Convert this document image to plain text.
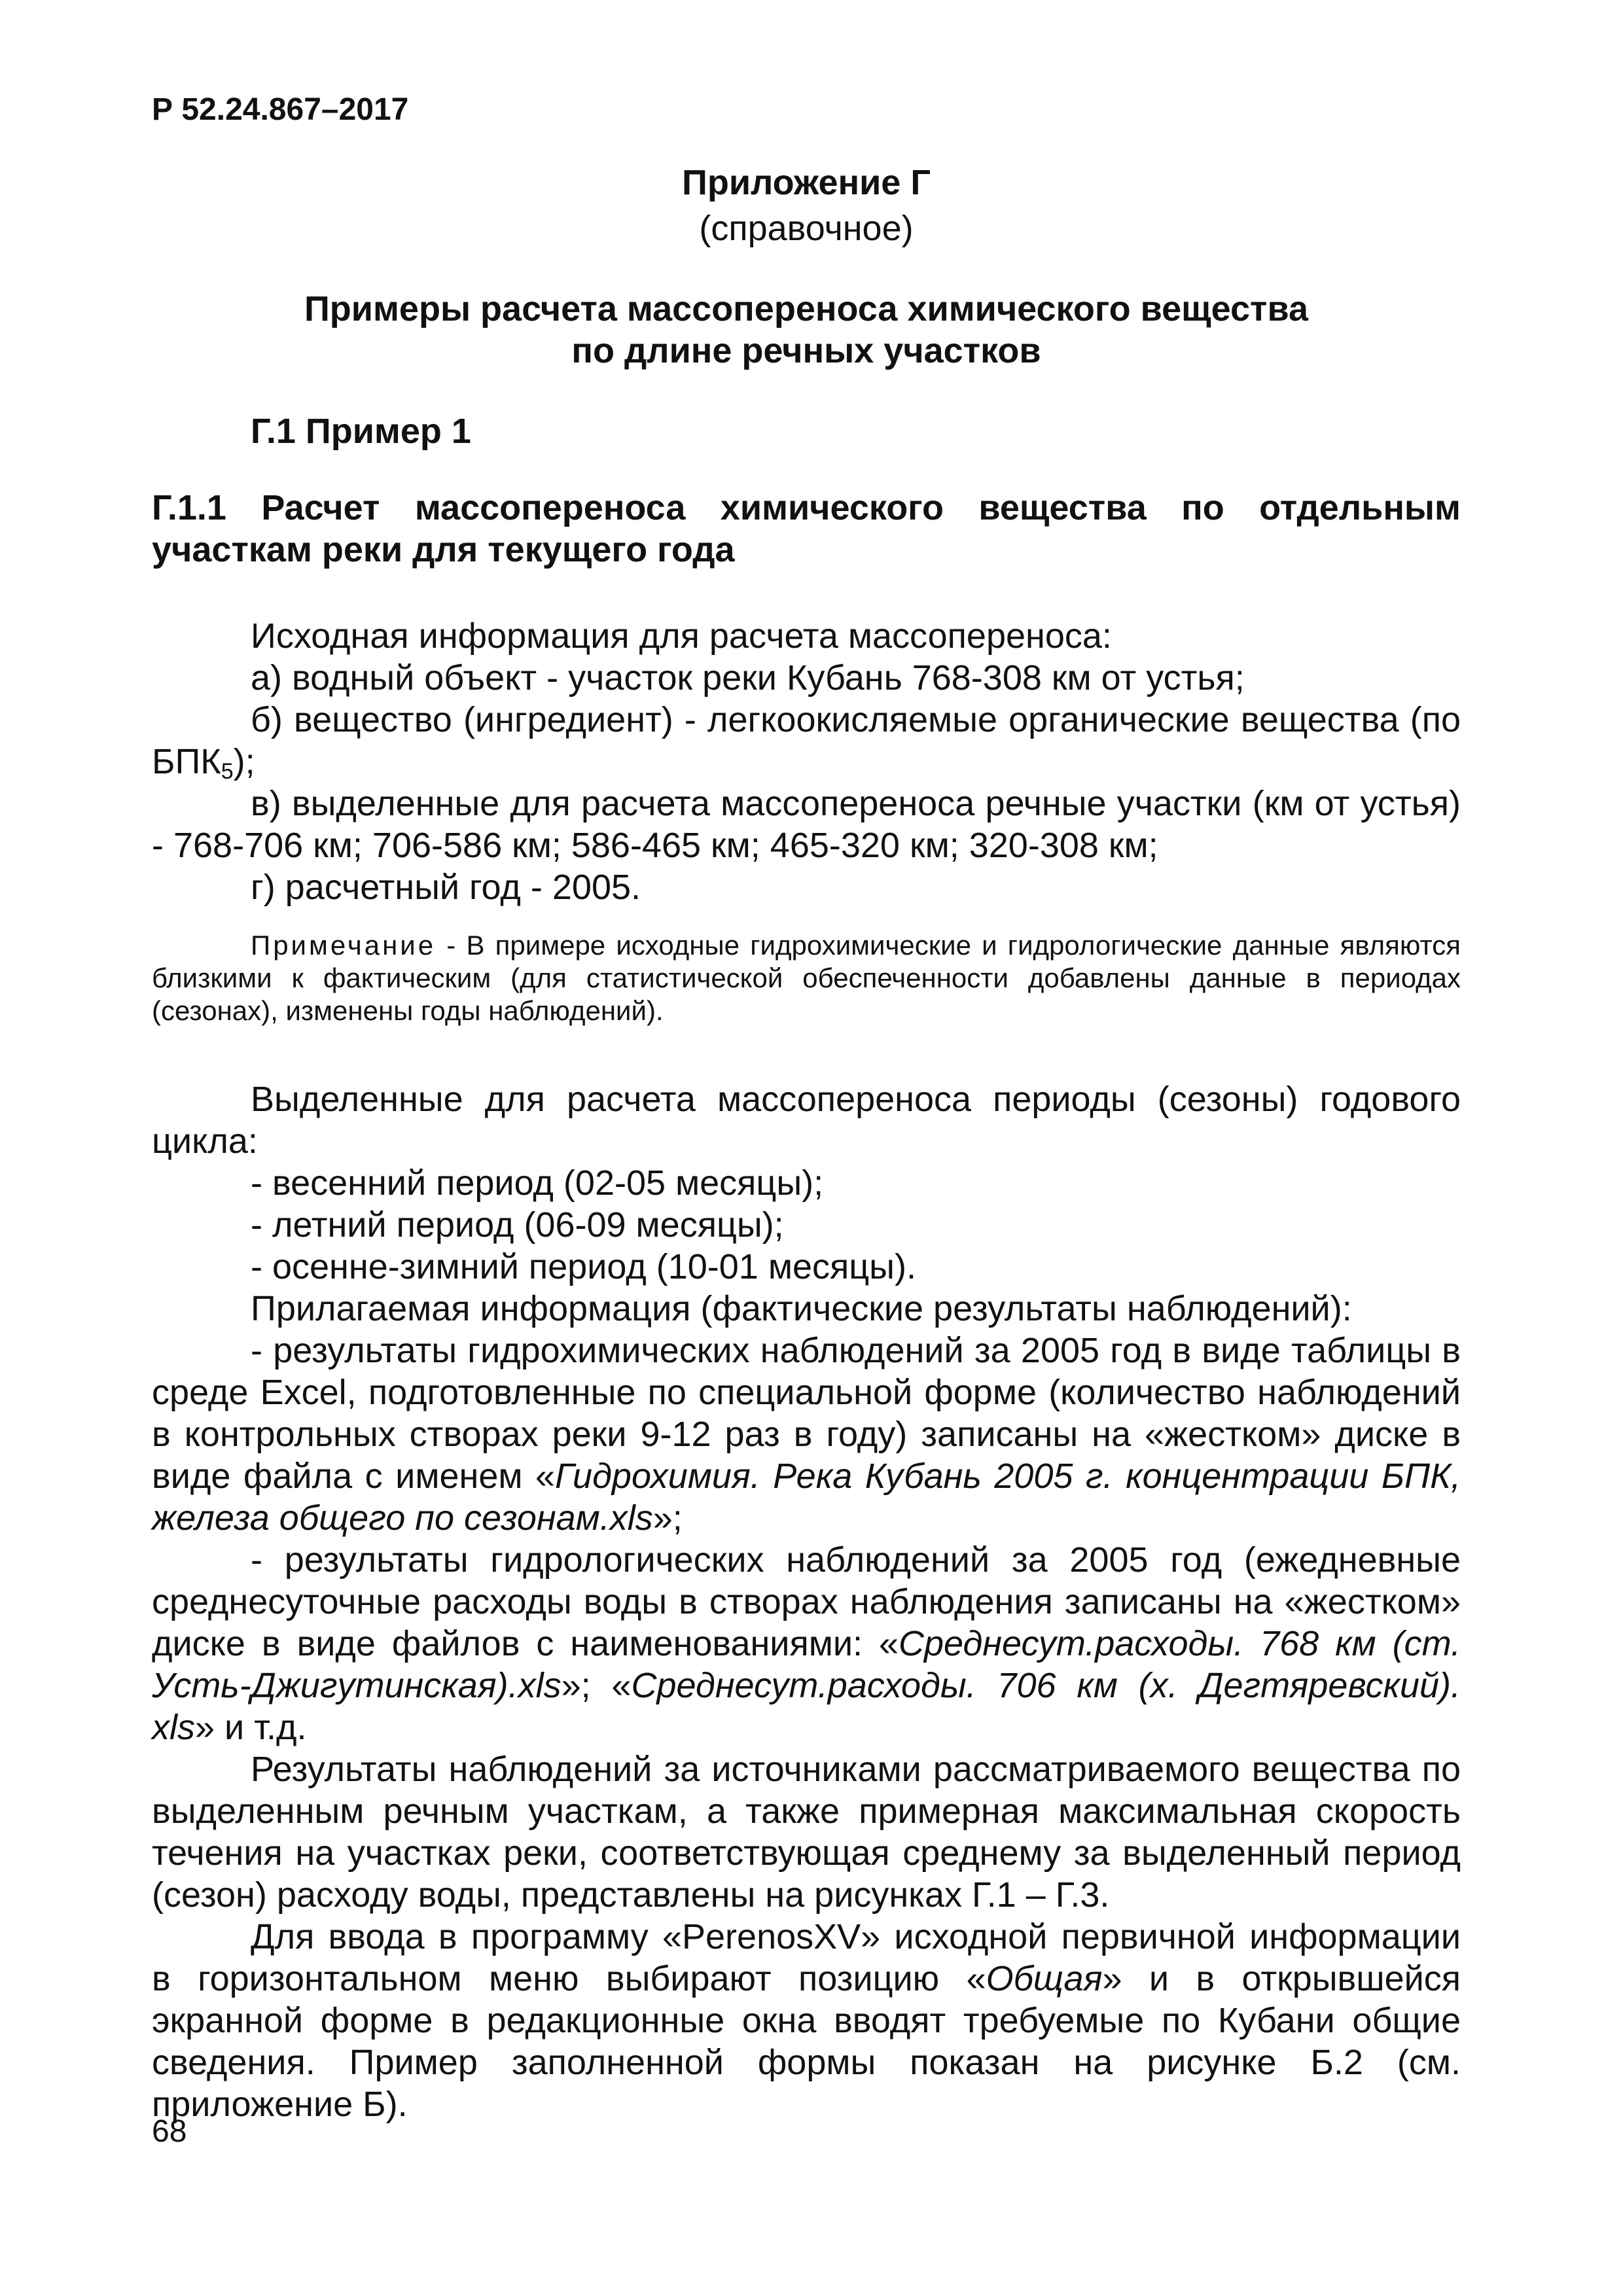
Р 52.24.867–2017
Приложение Г
(справочное)
Примеры расчета массопереноса химического вещества
по длине речных участков
Г.1 Пример 1
Г.1.1 Расчет массопереноса химического вещества по отдельным участкам реки для текущего года

Исходная информация для расчета массопереноса:

а) водный объект - участок реки Кубань 768-308 км от устья;

б) вещество (ингредиент) - легкоокисляемые органические вещества (по $БПК_5$);

в) выделенные для расчета массопереноса речные участки (км от устья) - 768-706 км; 706-586 км; 586-465 км; 465-320 км; 320-308 км;

г) расчетный год - 2005.

Примечание - В примере исходные гидрохимические и гидрологические данные являются близкими к фактическим (для статистической обеспеченности добавлены данные в периодах (сезонах), изменены годы наблюдений).

Выделенные для расчета массопереноса периоды (сезоны) годового цикла:

- весенний период (02-05 месяцы);

- летний период (06-09 месяцы);

- осенне-зимний период (10-01 месяцы).

Прилагаемая информация (фактические результаты наблюдений):

- результаты гидрохимических наблюдений за 2005 год в виде таблицы в среде Excel, подготовленные по специальной форме (количество наблюдений в контрольных створах реки 9-12 раз в году) записаны на «жестком» диске в виде файла с именем «Гидрохимия. Река Кубань 2005 г. концентрации БПК, железа общего по сезонам.xls»;

- результаты гидрологических наблюдений за 2005 год (ежедневные среднесуточные расходы воды в створах наблюдения записаны на «жестком» диске в виде файлов с наименованиями: «Среднесут.расходы. 768 км (ст. Усть-Джигутинская).xls»; «Среднесут.расходы. 706 км (х. Дегтяревский). xls» и т.д.

Результаты наблюдений за источниками рассматриваемого вещества по выделенным речным участкам, а также примерная максимальная скорость течения на участках реки, соответствующая среднему за выделенный период (сезон) расходу воды, представлены на рисунках Г.1 – Г.3.

Для ввода в программу «PerenosXV» исходной первичной информации в горизонтальном меню выбирают позицию «Общая» и в открывшейся экранной форме в редакционные окна вводят требуемые по Кубани общие сведения. Пример заполненной формы показан на рисунке Б.2 (см. приложение Б).

68
